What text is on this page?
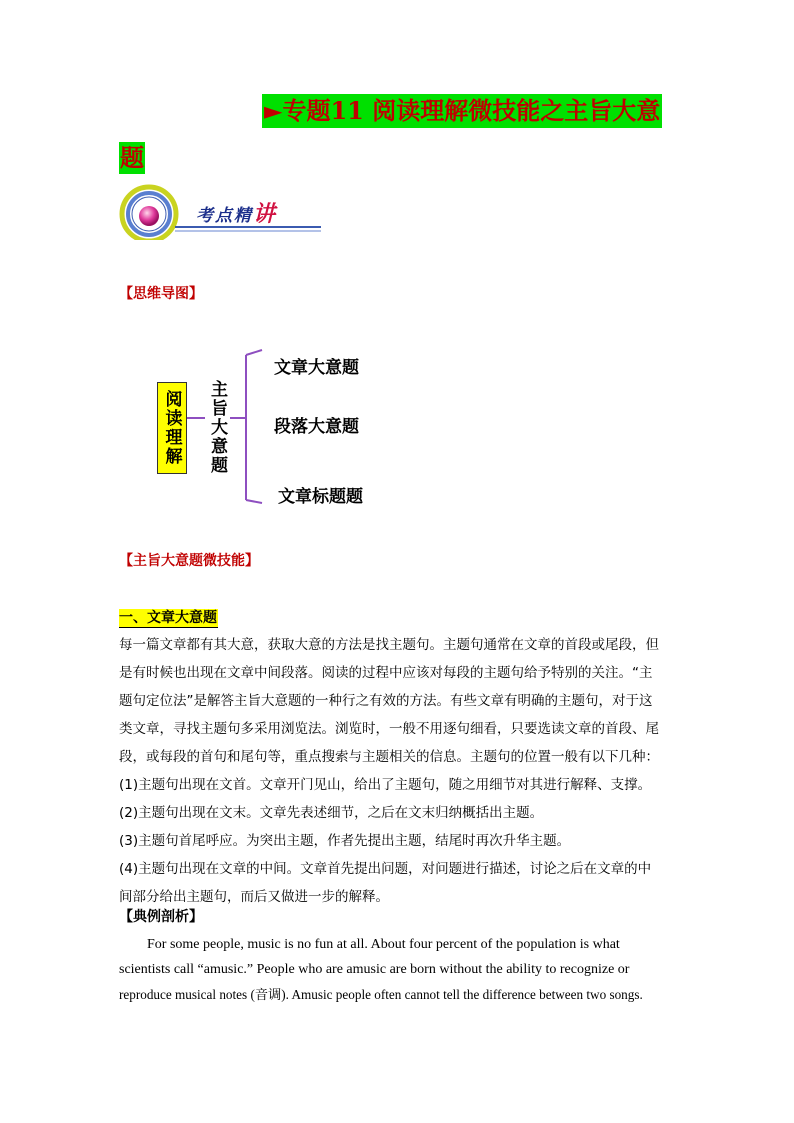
►专题11 阅读理解微技能之主旨大意
题
考点精讲
【思维导图】
阅读理解 主旨大意题
文章大意题
段落大意题
文章标题题
【主旨大意题微技能】
一、文章大意题

每一篇文章都有其大意，获取大意的方法是找主题句。主题句通常在文章的首段或尾段，但

是有时候也出现在文章中间段落。阅读的过程中应该对每段的主题句给予特别的关注。“主

题句定位法”是解答主旨大意题的一种行之有效的方法。有些文章有明确的主题句，对于这

类文章，寻找主题句多采用浏览法。浏览时，一般不用逐句细看，只要选读文章的首段、尾

段，或每段的首句和尾句等，重点搜索与主题相关的信息。主题句的位置一般有以下几种：

(1)主题句出现在文首。文章开门见山，给出了主题句，随之用细节对其进行解释、支撑。

(2)主题句出现在文末。文章先表述细节，之后在文末归纳概括出主题。

(3)主题句首尾呼应。为突出主题，作者先提出主题，结尾时再次升华主题。

(4)主题句出现在文章的中间。文章首先提出问题，对问题进行描述，讨论之后在文章的中

间部分给出主题句，而后又做进一步的解释。

【典例剖析】

For some people, music is no fun at all. About four percent of the population is what

scientists call “amusic.” People who are amusic are born without the ability to recognize or

reproduce musical notes (音调). Amusic people often cannot tell the difference between two songs.
